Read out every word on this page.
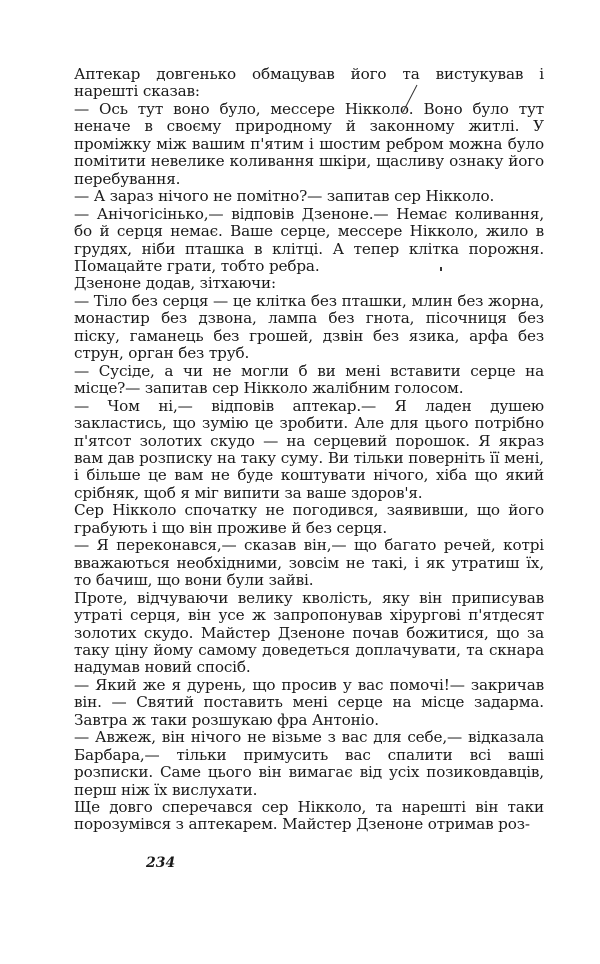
Аптекар довгенько обмацував його та вистукував і нарешті сказав:

— Ось тут воно було, мессере Нікколо. Воно було тут неначе в своєму природному й законному житлі. У проміжку між вашим п'ятим і шостим ребром можна було помітити невелике коливання шкіри, щасливу ознаку його перебування.

— А зараз нічого не помітно?— запитав сер Нікколо.

— Анічогісінько,— відповів Дзеноне.— Немає коливання, бо й серця немає. Ваше серце, мессере Нікколо, жило в грудях, ніби пташка в клітці. А тепер клітка порожня. Помацайте грати, тобто ребра.

Дзеноне додав, зітхаючи:

— Тіло без серця — це клітка без пташки, млин без жорна, монастир без дзвона, лампа без гнота, пісочниця без піску, гаманець без грошей, дзвін без язика, арфа без струн, орган без труб.

— Сусіде, а чи не могли б ви мені вставити серце на місце?— запитав сер Нікколо жалібним голосом.

— Чом ні,— відповів аптекар.— Я ладен душею заклаcтись, що зумію це зробити. Але для цього потрібно п'ятсот золотих скудо — на серцевий порошок. Я якраз вам дав розписку на таку суму. Ви тільки поверніть її мені, і більше це вам не буде коштувати нічого, хіба що який срібняк, щоб я міг випити за ваше здоров'я.

Сер Нікколо спочатку не погодився, заявивши, що його грабують і що він проживе й без серця.

— Я переконався,— сказав він,— що багато речей, котрі вважаються необхідними, зовсім не такі, і як утратиш їх, то бачиш, що вони були зайві.

Проте, відчуваючи велику кволість, яку він приписував утраті серця, він усе ж запропонував хірургові п'ятдесят золотих скудо. Майстер Дзеноне почав божитися, що за таку ціну йому самому доведеться доплачувати, та скнара надумав новий спосіб.

— Який же я дурень, що просив у вас помочі!— закричав він. — Святий поставить мені серце на місце задарма. Завтра ж таки розшукаю фра Антоніо.

— Авжеж, він нічого не візьме з вас для себе,— відказала Барбара,— тільки примусить вас спалити всі ваші розписки. Саме цього він вимагає від усіх позиковдавців, перш ніж їх вислухати.

Ще довго сперечався сер Нікколо, та нарешті він таки порозумівся з аптекарем. Майстер Дзеноне отримав роз-

234
